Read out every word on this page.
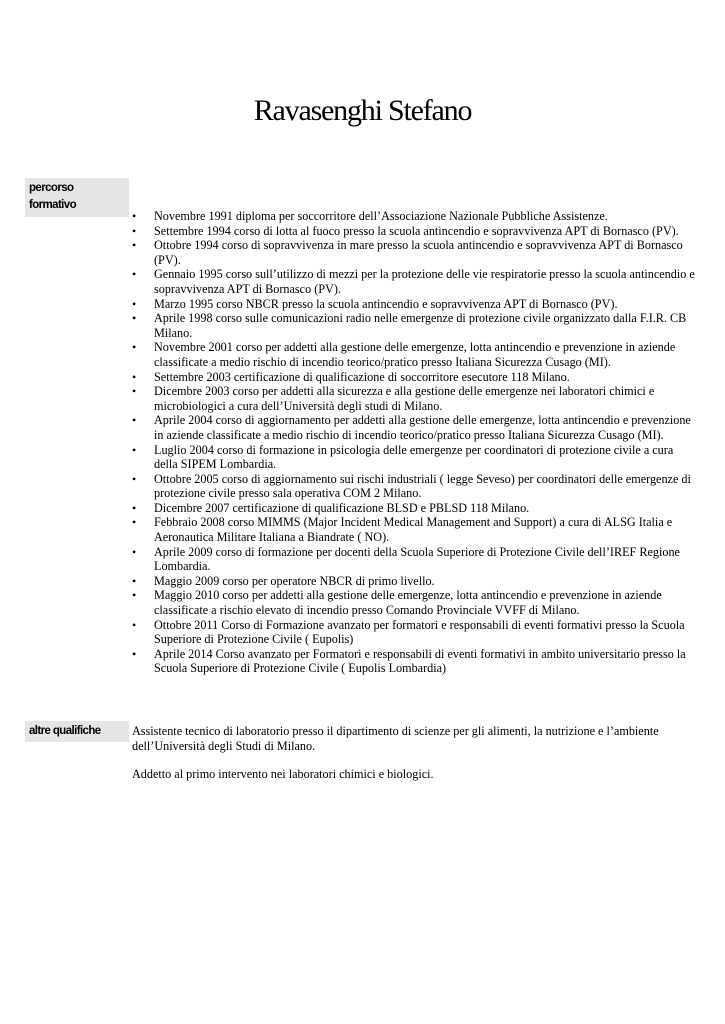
Ravasenghi Stefano
percorso
formativo
• Novembre 1991 diploma per soccorritore dell’Associazione Nazionale Pubbliche Assistenze.
• Settembre 1994 corso di lotta al fuoco presso la scuola antincendio e sopravvivenza APT di Bornasco (PV).
• Ottobre 1994 corso di sopravvivenza in mare presso la scuola antincendio e sopravvivenza APT di Bornasco (PV).
• Gennaio 1995 corso sull’utilizzo di mezzi per la protezione delle vie respiratorie presso la scuola antincendio e sopravvivenza APT di Bornasco (PV).
• Marzo 1995 corso NBCR presso la scuola antincendio e sopravvivenza APT di Bornasco (PV).
• Aprile 1998 corso sulle comunicazioni radio nelle emergenze di protezione civile organizzato dalla F.I.R. CB Milano.
• Novembre 2001 corso per addetti alla gestione delle emergenze, lotta antincendio e prevenzione in aziende classificate a medio rischio di incendio teorico/pratico presso Italiana Sicurezza Cusago (MI).
• Settembre 2003 certificazione di qualificazione di soccorritore esecutore 118 Milano.
• Dicembre 2003 corso per addetti alla sicurezza e alla gestione delle emergenze nei laboratori chimici e microbiologici a cura dell’Università degli studi di Milano.
• Aprile 2004 corso di aggiornamento per addetti alla gestione delle emergenze, lotta antincendio e prevenzione in aziende classificate a medio rischio di incendio teorico/pratico presso Italiana Sicurezza Cusago (MI).
• Luglio 2004 corso di formazione in psicologia delle emergenze per coordinatori di protezione civile a cura della SIPEM Lombardia.
• Ottobre 2005 corso di aggiornamento sui rischi industriali ( legge Seveso) per coordinatori delle emergenze di protezione civile presso sala operativa COM 2 Milano.
• Dicembre 2007 certificazione di qualificazione BLSD e PBLSD 118 Milano.
• Febbraio 2008 corso MIMMS (Major Incident Medical Management and Support) a cura di ALSG Italia e Aeronautica Militare Italiana a Biandrate ( NO).
• Aprile 2009 corso di formazione per docenti della Scuola Superiore di Protezione Civile dell’IREF Regione Lombardia.
• Maggio 2009 corso per operatore NBCR di primo livello.
• Maggio 2010 corso per addetti alla gestione delle emergenze, lotta antincendio e prevenzione in aziende classificate a rischio elevato di incendio presso Comando Provinciale VVFF di Milano.
• Ottobre 2011 Corso di Formazione avanzato per formatori e responsabili di eventi formativi presso la Scuola Superiore di Protezione Civile ( Eupolis)
• Aprile 2014 Corso avanzato per Formatori e responsabili di eventi formativi in ambito universitario presso la Scuola Superiore di Protezione Civile ( Eupolis Lombardia)
altre qualifiche	Assistente tecnico di laboratorio presso il dipartimento di scienze per gli alimenti, la nutrizione e l’ambiente dell’Università degli Studi di Milano.

Addetto al primo intervento nei laboratori chimici e biologici.
